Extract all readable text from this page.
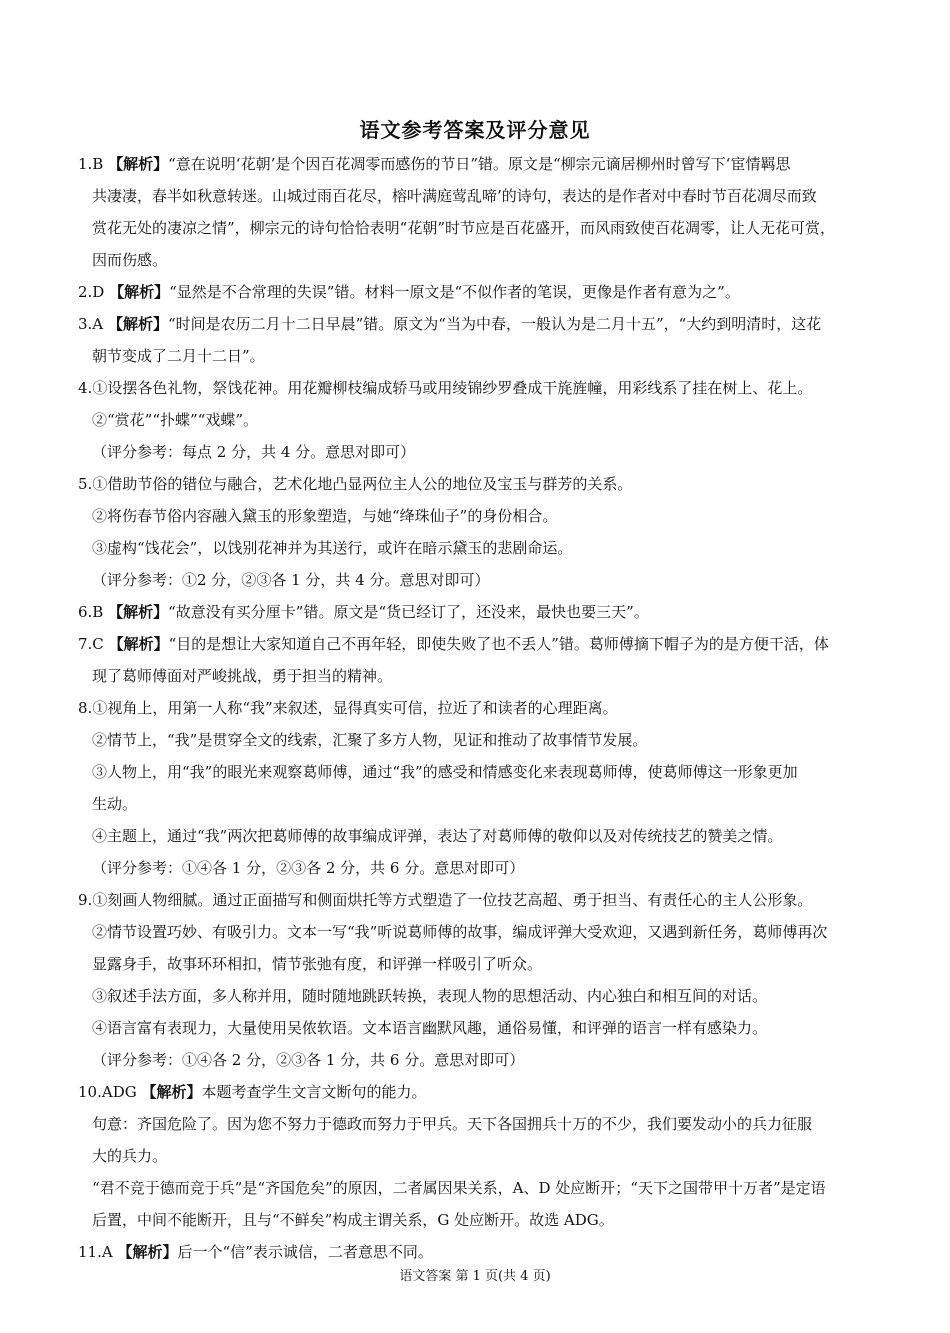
语文参考答案及评分意见
1.B 【解析】“意在说明‘花朝’是个因百花凋零而感伤的节日”错。原文是“柳宗元谪居柳州时曾写下‘宦情羁思
共凄凄，春半如秋意转迷。山城过雨百花尽，榕叶满庭莺乱啼’的诗句，表达的是作者对中春时节百花凋尽而致
赏花无处的凄凉之情”，柳宗元的诗句恰恰表明“花朝”时节应是百花盛开，而风雨致使百花凋零，让人无花可赏，
因而伤感。
2.D 【解析】“显然是不合常理的失误”错。材料一原文是“不似作者的笔误，更像是作者有意为之”。
3.A 【解析】“时间是农历二月十二日早晨”错。原文为“当为中春，一般认为是二月十五”，“大约到明清时，这花
朝节变成了二月十二日”。
4.①设摆各色礼物，祭饯花神。用花瓣柳枝编成轿马或用绫锦纱罗叠成干旄旌幢，用彩线系了挂在树上、花上。
②“赏花”“扑蝶”“戏蝶”。
（评分参考：每点 2 分，共 4 分。意思对即可）
5.①借助节俗的错位与融合，艺术化地凸显两位主人公的地位及宝玉与群芳的关系。
②将伤春节俗内容融入黛玉的形象塑造，与她“绛珠仙子”的身份相合。
③虚构“饯花会”，以饯别花神并为其送行，或许在暗示黛玉的悲剧命运。
（评分参考：①2 分，②③各 1 分，共 4 分。意思对即可）
6.B 【解析】“故意没有买分厘卡”错。原文是“货已经订了，还没来，最快也要三天”。
7.C 【解析】“目的是想让大家知道自己不再年轻，即使失败了也不丢人”错。葛师傅摘下帽子为的是方便干活，体
现了葛师傅面对严峻挑战，勇于担当的精神。
8.①视角上，用第一人称“我”来叙述，显得真实可信，拉近了和读者的心理距离。
②情节上，“我”是贯穿全文的线索，汇聚了多方人物，见证和推动了故事情节发展。
③人物上，用“我”的眼光来观察葛师傅，通过“我”的感受和情感变化来表现葛师傅，使葛师傅这一形象更加
生动。
④主题上，通过“我”两次把葛师傅的故事编成评弹，表达了对葛师傅的敬仰以及对传统技艺的赞美之情。
（评分参考：①④各 1 分，②③各 2 分，共 6 分。意思对即可）
9.①刻画人物细腻。通过正面描写和侧面烘托等方式塑造了一位技艺高超、勇于担当、有责任心的主人公形象。
②情节设置巧妙、有吸引力。文本一写“我”听说葛师傅的故事，编成评弹大受欢迎，又遇到新任务，葛师傅再次
显露身手，故事环环相扣，情节张弛有度，和评弹一样吸引了听众。
③叙述手法方面，多人称并用，随时随地跳跃转换，表现人物的思想活动、内心独白和相互间的对话。
④语言富有表现力，大量使用吴侬软语。文本语言幽默风趣，通俗易懂，和评弹的语言一样有感染力。
（评分参考：①④各 2 分，②③各 1 分，共 6 分。意思对即可）
10.ADG 【解析】本题考查学生文言文断句的能力。
句意：齐国危险了。因为您不努力于德政而努力于甲兵。天下各国拥兵十万的不少，我们要发动小的兵力征服
大的兵力。
“君不竞于德而竞于兵”是“齐国危矣”的原因，二者属因果关系，A、D 处应断开；“天下之国带甲十万者”是定语
后置，中间不能断开，且与“不鲜矣”构成主谓关系，G 处应断开。故选 ADG。
11.A 【解析】后一个“信”表示诚信，二者意思不同。
语文答案 第 1 页(共 4 页)
